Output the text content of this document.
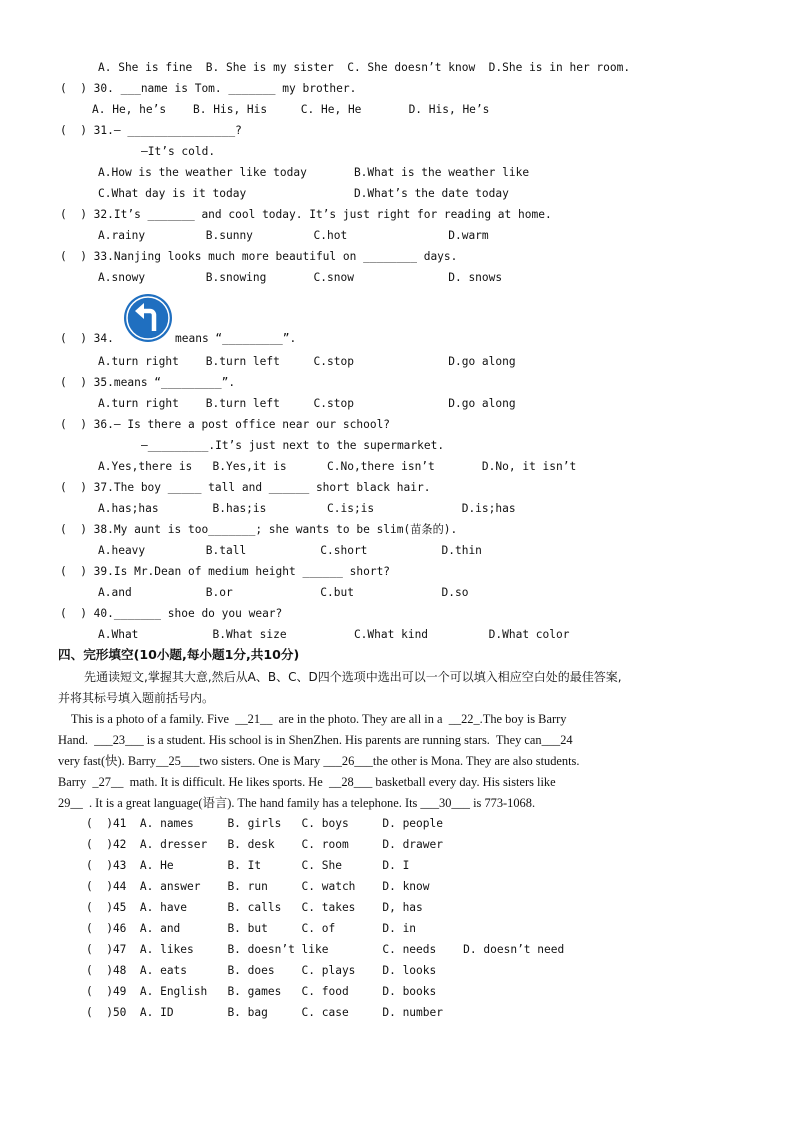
A. She is fine  B. She is my sister  C. She doesn’t know  D.She is in her room.
(  ) 30. ___name is Tom. _______ my brother.
A. He, he’s    B. His, His     C. He, He       D. His, He’s
(  ) 31.— ________________?
—It’s cold.
A.How is the weather like today       B.What is the weather like
C.What day is it today                D.What’s the date today
(  ) 32.It’s _______ and cool today. It’s just right for reading at home.
A.rainy         B.sunny         C.hot               D.warm
(  ) 33.Nanjing looks much more beautiful on ________ days.
A.snowy         B.snowing       C.snow              D. snows
(  ) 34.	means “_________”.
A.turn right    B.turn left     C.stop              D.go along
(  ) 35.means “_________”.
A.turn right    B.turn left     C.stop              D.go along
(  ) 36.— Is there a post office near our school?
—_________.It’s just next to the supermarket.
A.Yes,there is   B.Yes,it is      C.No,there isn’t       D.No, it isn’t
(  ) 37.The boy _____ tall and ______ short black hair.
A.has;has        B.has;is         C.is;is             D.is;has
(  ) 38.My aunt is too_______; she wants to be slim(苗条的).
A.heavy         B.tall           C.short           D.thin
(  ) 39.Is Mr.Dean of medium height ______ short?
A.and           B.or             C.but             D.so
(  ) 40._______ shoe do you wear?
A.What           B.What size          C.What kind         D.What color
(  )41  A. names     B. girls   C. boys     D. people
(  )42  A. dresser   B. desk    C. room     D. drawer
(  )43  A. He        B. It      C. She      D. I
(  )44  A. answer    B. run     C. watch    D. know
(  )45  A. have      B. calls   C. takes    D, has
(  )46  A. and       B. but     C. of       D. in
(  )47  A. likes     B. doesn’t like        C. needs    D. doesn’t need
(  )48  A. eats      B. does    C. plays    D. looks
(  )49  A. English   B. games   C. food     D. books
(  )50  A. ID        B. bag     C. case     D. number
四、完形填空(10小题,每小题1分,共10分)
先通读短文,掌握其大意,然后从A、B、C、D四个选项中选出可以一个可以填入相应空白处的最佳答案,
并将其标号填入题前括号内。
This is a photo of a family. Five  __21__  are in the photo. They are all in a  __22_.The boy is Barry
Hand.  ___23___ is a student. His school is in ShenZhen. His parents are running stars.  They can___24
very fast(快). Barry__25___two sisters. One is Mary ___26___the other is Mona. They are also students.
Barry  _27__  math. It is difficult. He likes sports. He  __28___ basketball every day. His sisters like
29__  . It is a great language(语言). The hand family has a telephone. Its ___30___ is 773-1068.
